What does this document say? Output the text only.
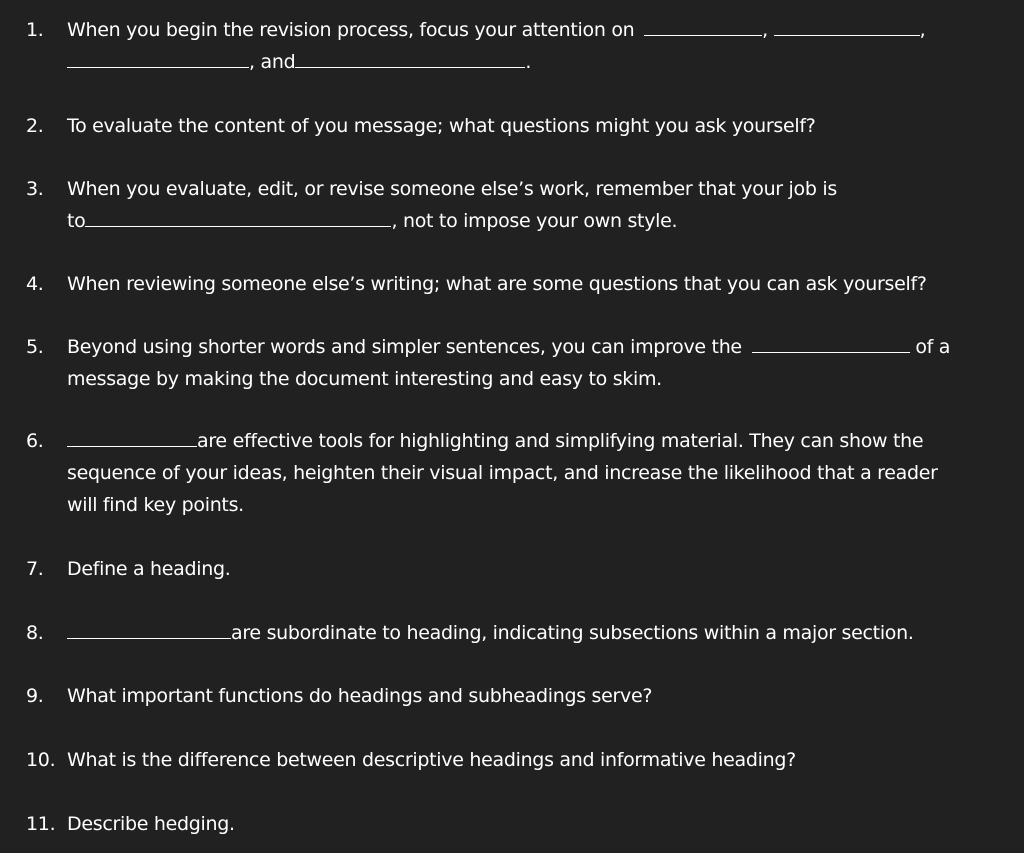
1. When you begin the revision process, focus your attention on	,	,
, and	.
2. To evaluate the content of you message; what questions might you ask yourself?
3. When you evaluate, edit, or revise someone else’s work, remember that your job is
to	, not to impose your own style.
4. When reviewing someone else’s writing; what are some questions that you can ask yourself?
5. Beyond using shorter words and simpler sentences, you can improve the	of a
message by making the document interesting and easy to skim.
6.	are effective tools for highlighting and simplifying material. They can show the
sequence of your ideas, heighten their visual impact, and increase the likelihood that a reader
will find key points.
7. Define a heading.
8.	are subordinate to heading, indicating subsections within a major section.
9. What important functions do headings and subheadings serve?
10. What is the difference between descriptive headings and informative heading?
11. Describe hedging.
